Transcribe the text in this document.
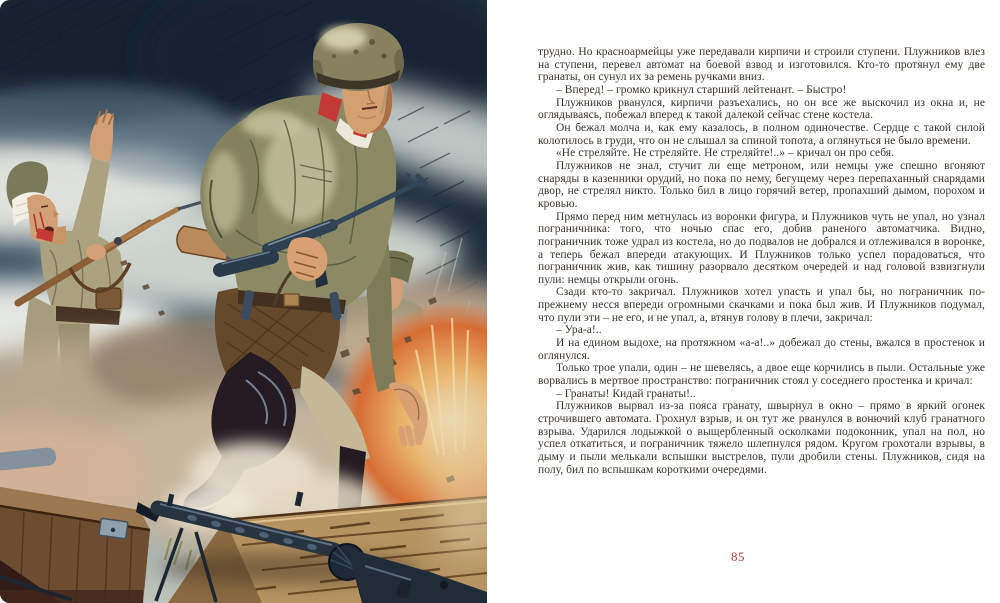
трудно. Но красноармейцы уже передавали кирпичи и строили ступени. Плужников влез на ступени, перевел автомат на боевой взвод и изготовился. Кто-то протянул ему две гранаты, он сунул их за ремень ручками вниз.

– Вперед! – громко крикнул старший лейтенант. – Быстро!

Плужников рванулся, кирпичи разъехались, но он все же выскочил из окна и, не оглядываясь, побежал вперед к такой далекой сейчас стене костела.

Он бежал молча и, как ему казалось, в полном одиночестве. Сердце с такой силой колотилось в груди, что он не слышал за спиной топота, а оглянуться не было времени.

«Не стреляйте. Не стреляйте. Не стреляйте!..» – кричал он про себя.

Плужников не знал, стучит ли еще метроном, или немцы уже спешно вгоняют снаряды в казенники орудий, но пока по нему, бегущему через перепаханный снарядами двор, не стрелял никто. Только бил в лицо горячий ветер, пропахший дымом, порохом и кровью.

Прямо перед ним метнулась из воронки фигура, и Плужников чуть не упал, но узнал пограничника: того, что ночью спас его, добив раненого автоматчика. Видно, пограничник тоже удрал из костела, но до подвалов не добрался и отлеживался в воронке, а теперь бежал впереди атакующих. И Плужников только успел порадоваться, что пограничник жив, как тишину разорвало десятком очередей и над головой взвизгнули пули: немцы открыли огонь.

Сзади кто-то закричал. Плужников хотел упасть и упал бы, но пограничник по-прежнему несся впереди огромными скачками и пока был жив. И Плужников подумал, что пули эти – не его, и не упал, а, втянув голову в плечи, закричал:

– Ура-а!..

И на едином выдохе, на протяжном «а-а!..» добежал до стены, вжался в простенок и оглянулся.

Только трое упали, один – не шевелясь, а двое еще корчились в пыли. Остальные уже ворвались в мертвое пространство: пограничник стоял у соседнего простенка и кричал:

– Гранаты! Кидай гранаты!..

Плужников вырвал из-за пояса гранату, швырнул в окно – прямо в яркий огонек строчившего автомата. Грохнул взрыв, и он тут же рванулся в вонючий клуб гранатного взрыва. Ударился лодыжкой о выщербленный осколками подоконник, упал на пол, но успел откатиться, и пограничник тяжело шлепнулся рядом. Кругом грохотали взрывы, в дыму и пыли мелькали вспышки выстрелов, пули дробили стены. Плужников, сидя на полу, бил по вспышкам короткими очередями.

85
